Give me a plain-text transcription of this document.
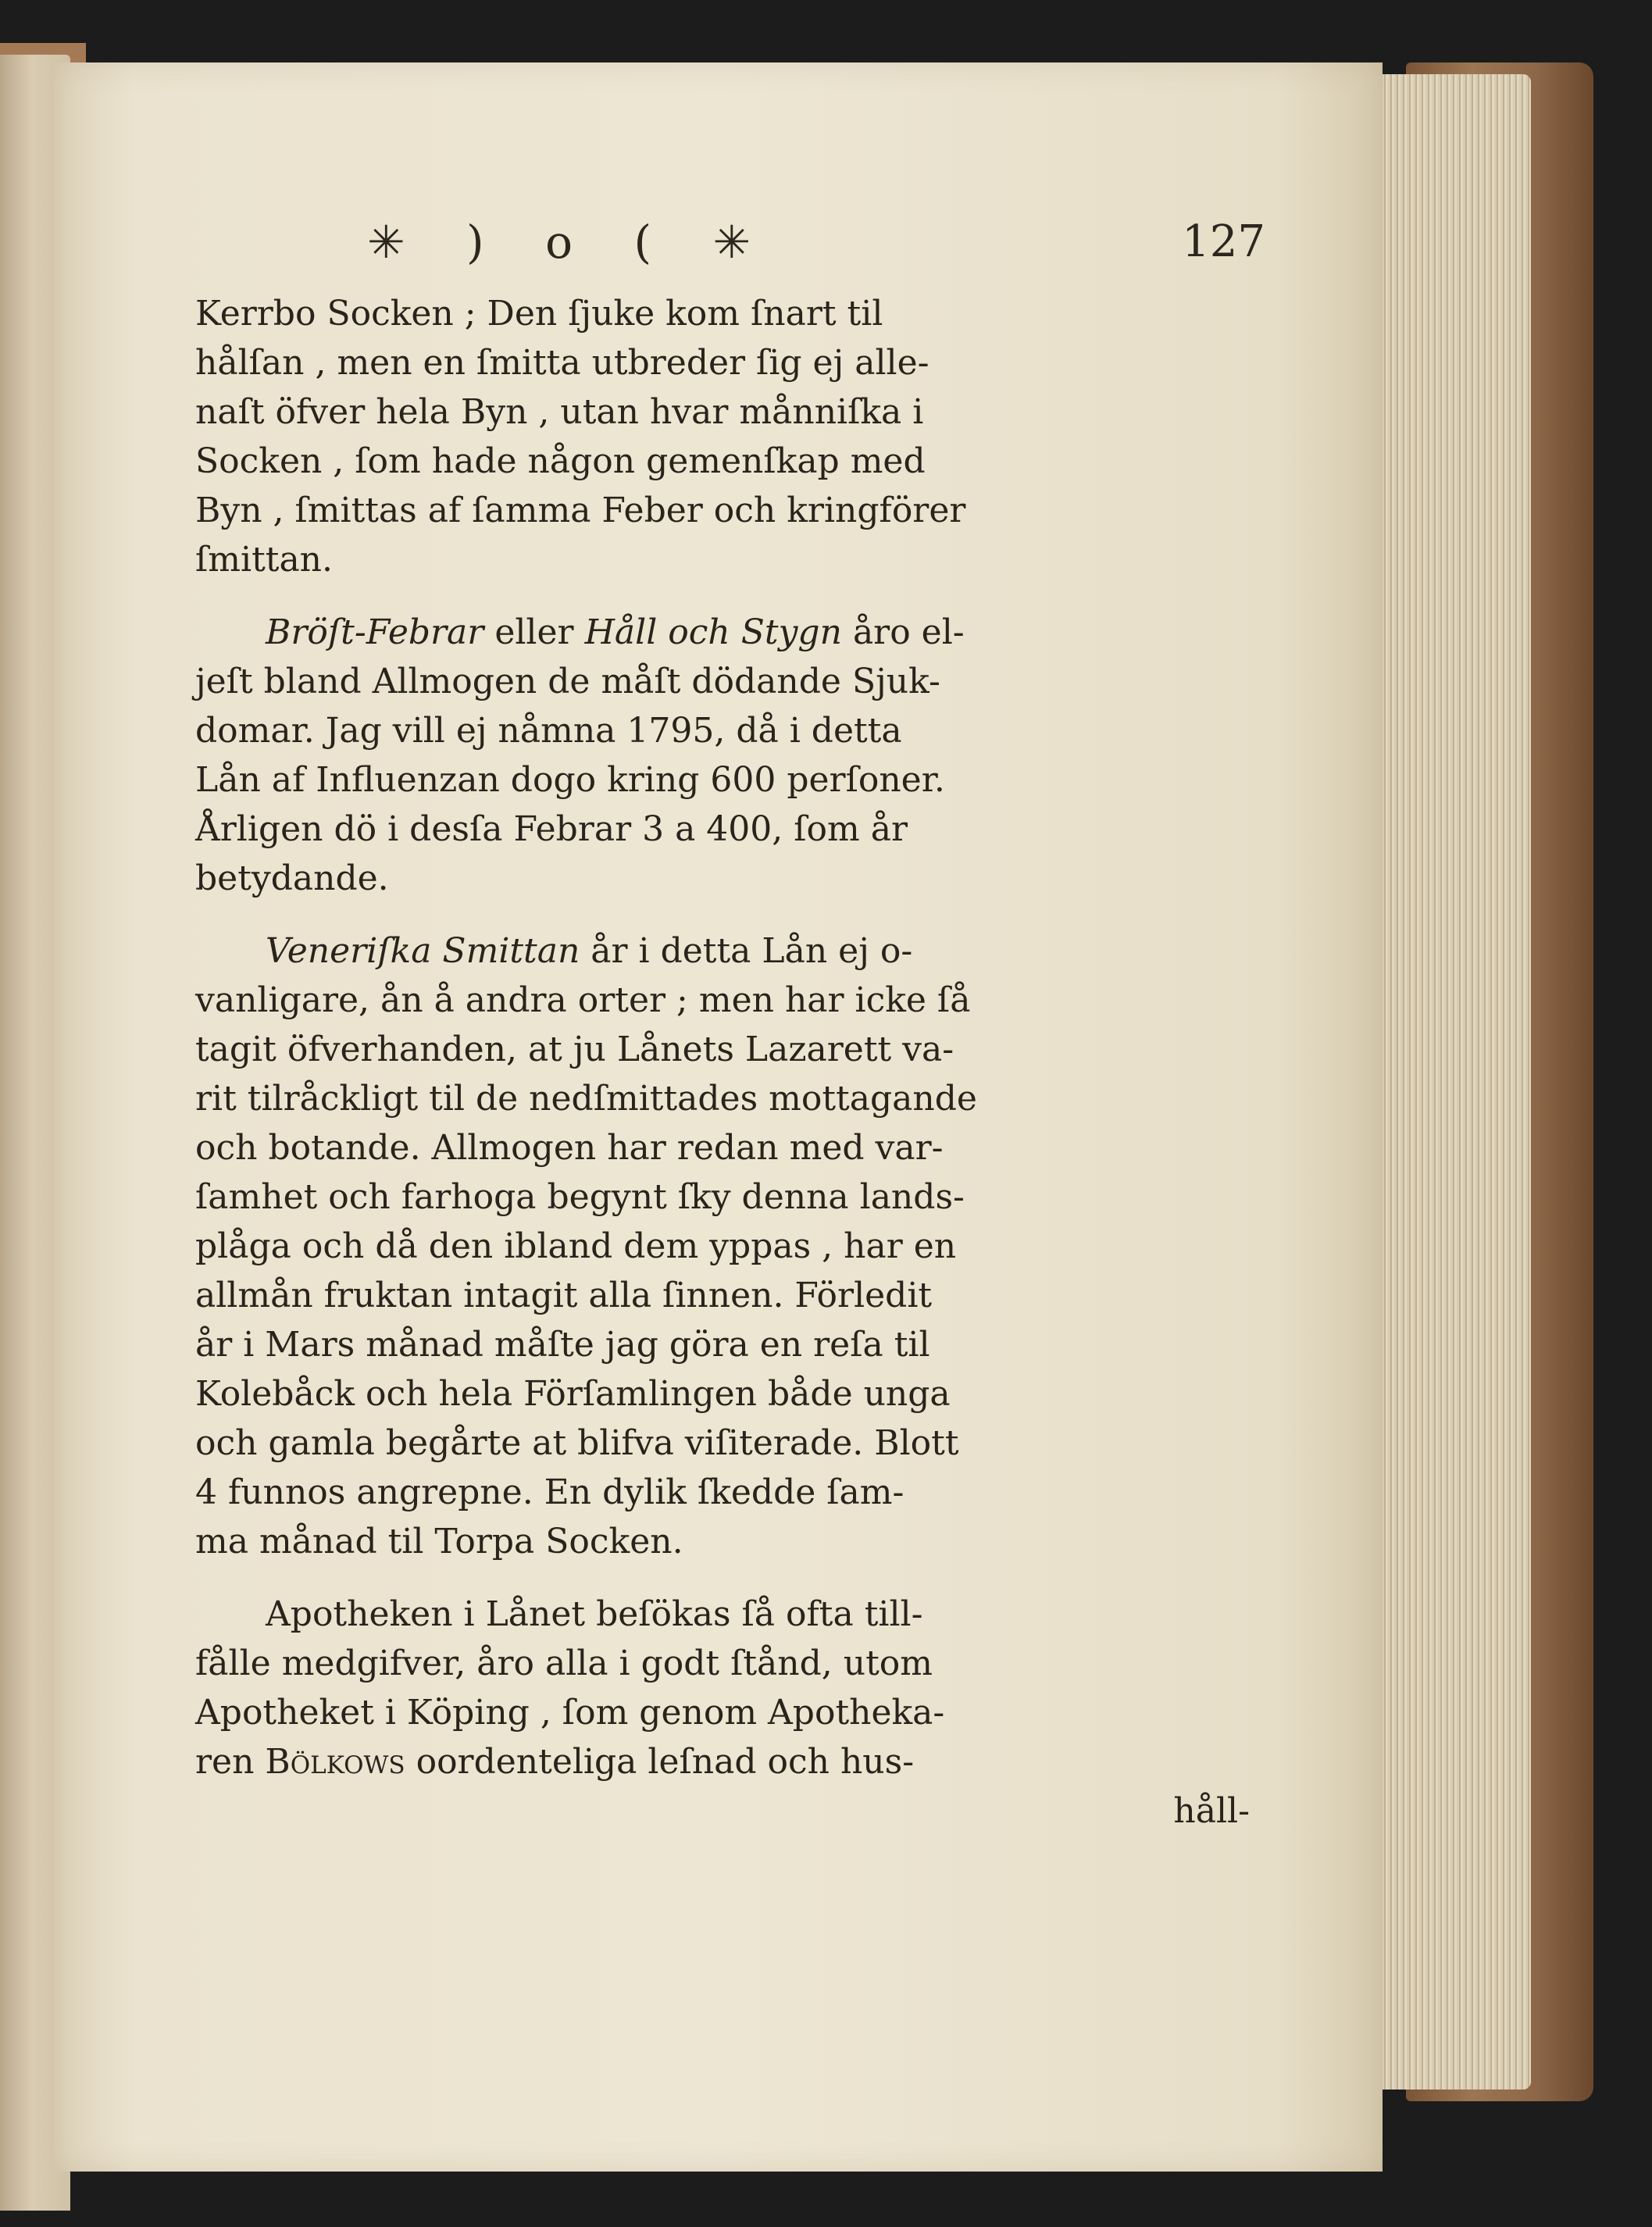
✳ ) o ( ✳	127
Kerrbo Socken ; Den ſjuke kom ſnart til
hålſan , men en ſmitta utbreder ſig ej alle-
naſt öfver hela Byn , utan hvar månniſka i
Socken , ſom hade någon gemenſkap med
Byn , ſmittas af ſamma Feber och kringförer
ſmittan.
Bröſt-Febrar eller Håll och Stygn åro el-
jeſt bland Allmogen de måſt dödande Sjuk-
domar. Jag vill ej nåmna 1795, då i detta
Lån af Influenzan dogo kring 600 perſoner.
Årligen dö i desſa Febrar 3 a 400, ſom år
betydande.
Veneriſka Smittan år i detta Lån ej o-
vanligare, ån å andra orter ; men har icke ſå
tagit öfverhanden, at ju Lånets Lazarett va-
rit tilråckligt til de nedſmittades mottagande
och botande. Allmogen har redan med var-
ſamhet och farhoga begynt ſky denna lands-
plåga och då den ibland dem yppas , har en
allmån fruktan intagit alla ſinnen. Förledit
år i Mars månad måſte jag göra en reſa til
Kolebåck och hela Förſamlingen både unga
och gamla begårte at blifva viſiterade. Blott
4 funnos angrepne. En dylik ſkedde ſam-
ma månad til Torpa Socken.
Apotheken i Lånet beſökas ſå ofta till-
fålle medgifver, åro alla i godt ſtånd, utom
Apotheket i Köping , ſom genom Apotheka-
ren Bölkows oordenteliga leſnad och hus-
håll-
